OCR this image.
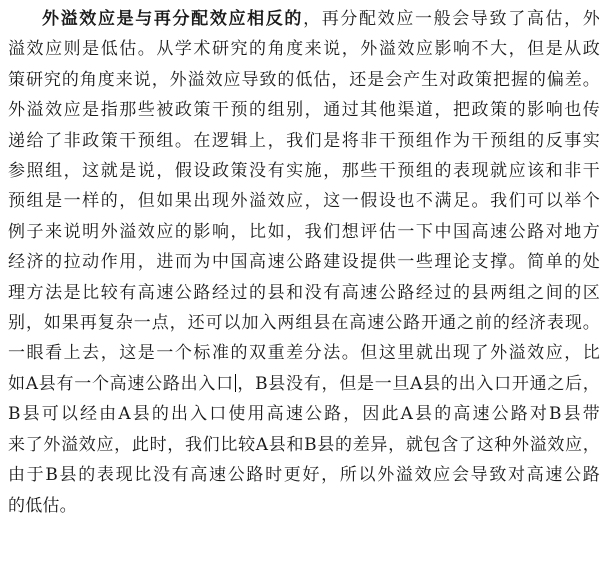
外溢效应是与再分配效应相反的，再分配效应一般会导致了高估，外
溢效应则是低估。从学术研究的角度来说，外溢效应影响不大，但是从政
策研究的角度来说，外溢效应导致的低估，还是会产生对政策把握的偏差。
外溢效应是指那些被政策干预的组别，通过其他渠道，把政策的影响也传
递给了非政策干预组。在逻辑上，我们是将非干预组作为干预组的反事实
参照组，这就是说，假设政策没有实施，那些干预组的表现就应该和非干
预组是一样的，但如果出现外溢效应，这一假设也不满足。我们可以举个
例子来说明外溢效应的影响，比如，我们想评估一下中国高速公路对地方
经济的拉动作用，进而为中国高速公路建设提供一些理论支撑。简单的处
理方法是比较有高速公路经过的县和没有高速公路经过的县两组之间的区
别，如果再复杂一点，还可以加入两组县在高速公路开通之前的经济表现。
一眼看上去，这是一个标准的双重差分法。但这里就出现了外溢效应，比
如A县有一个高速公路出入口 ，B县没有，但是一旦A县的出入口开通之后，
B县可以经由A县的出入口使用高速公路，因此A县的高速公路对B县带
来了外溢效应，此时，我们比较A县和B县的差异，就包含了这种外溢效应，
由于B县的表现比没有高速公路时更好，所以外溢效应会导致对高速公路
的低估。
